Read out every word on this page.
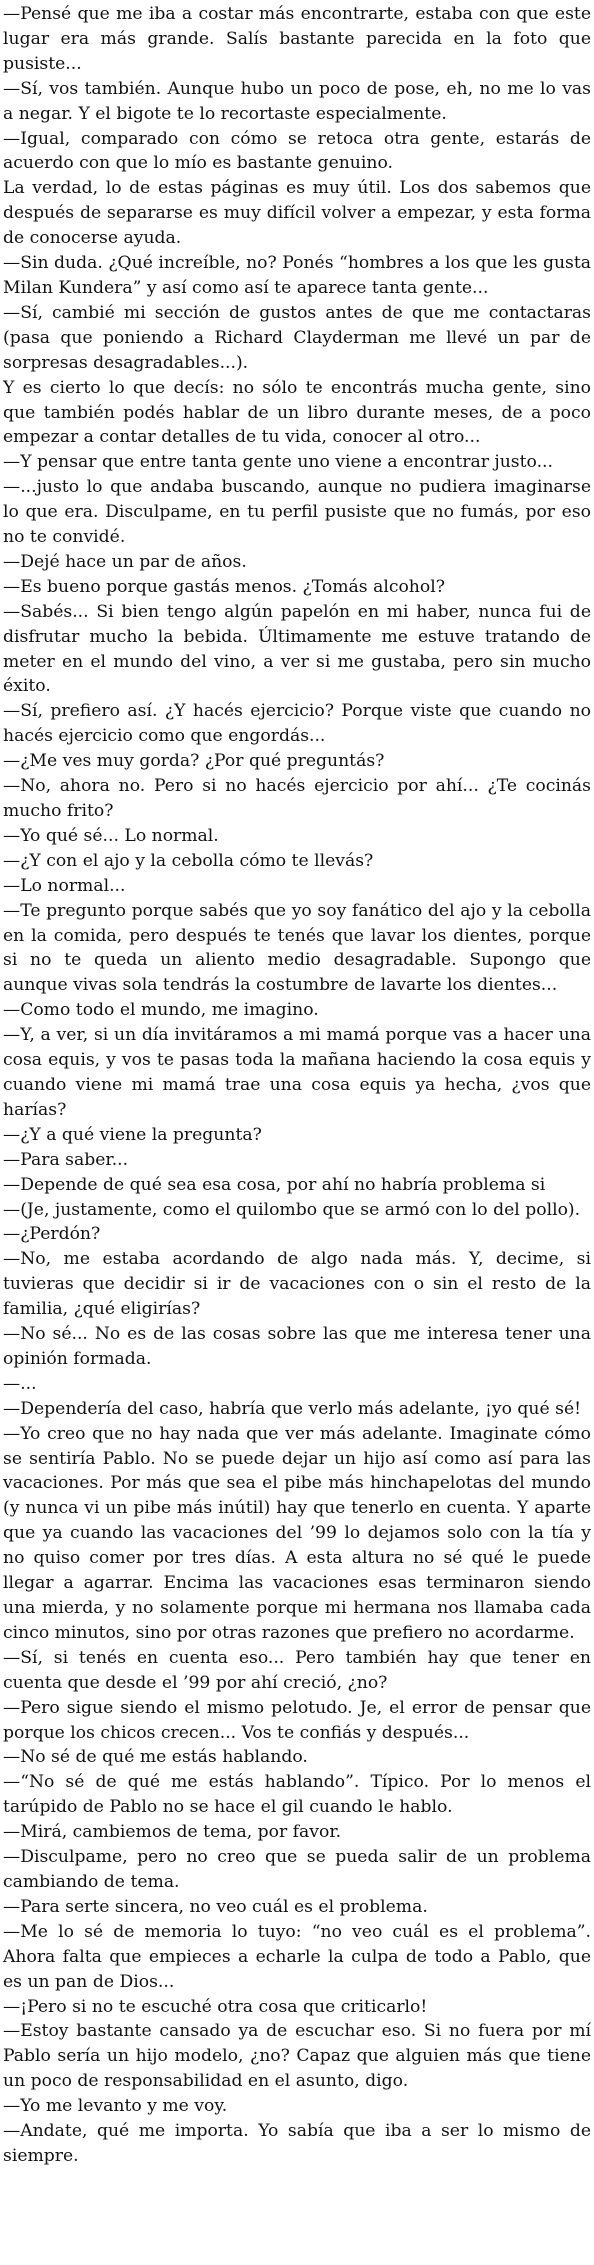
—Pensé que me iba a costar más encontrarte, estaba con que este lugar era más grande. Salís bastante parecida en la foto que pusiste...

—Sí, vos también. Aunque hubo un poco de pose, eh, no me lo vas a negar. Y el bigote te lo recortaste especialmente.

—Igual, comparado con cómo se retoca otra gente, estarás de acuerdo con que lo mío es bastante genuino.

La verdad, lo de estas páginas es muy útil. Los dos sabemos que después de separarse es muy difícil volver a empezar, y esta forma de conocerse ayuda.

—Sin duda. ¿Qué increíble, no? Ponés “hombres a los que les gusta Milan Kundera” y así como así te aparece tanta gente...

—Sí, cambié mi sección de gustos antes de que me contactaras (pasa que poniendo a Richard Clayderman me llevé un par de sorpresas desagradables...).

Y es cierto lo que decís: no sólo te encontrás mucha gente, sino que también podés hablar de un libro durante meses, de a poco empezar a contar detalles de tu vida, conocer al otro...

—Y pensar que entre tanta gente uno viene a encontrar justo...

—...justo lo que andaba buscando, aunque no pudiera imaginarse lo que era. Disculpame, en tu perfil pusiste que no fumás, por eso no te convidé.

—Dejé hace un par de años.

—Es bueno porque gastás menos. ¿Tomás alcohol?

—Sabés... Si bien tengo algún papelón en mi haber, nunca fui de disfrutar mucho la bebida. Últimamente me estuve tratando de meter en el mundo del vino, a ver si me gustaba, pero sin mucho éxito.

—Sí, prefiero así. ¿Y hacés ejercicio? Porque viste que cuando no hacés ejercicio como que engordás...

—¿Me ves muy gorda? ¿Por qué preguntás?

—No, ahora no. Pero si no hacés ejercicio por ahí... ¿Te cocinás mucho frito?

—Yo qué sé... Lo normal.

—¿Y con el ajo y la cebolla cómo te llevás?

—Lo normal...

—Te pregunto porque sabés que yo soy fanático del ajo y la cebolla en la comida, pero después te tenés que lavar los dientes, porque si no te queda un aliento medio desagradable. Supongo que aunque vivas sola tendrás la costumbre de lavartе los dientes...

—Como todo el mundo, me imagino.

—Y, a ver, si un día invitáramos a mi mamá porque vas a hacer una cosa equis, y vos te pasas toda la mañana haciendo la cosa equis y cuando viene mi mamá trae una cosa equis ya hecha, ¿vos que harías?

—¿Y a qué viene la pregunta?

—Para saber...

—Depende de qué sea esa cosa, por ahí no habría problema si

—(Je, justamente, como el quilombo que se armó con lo del pollo).

—¿Perdón?

—No, me estaba acordando de algo nada más. Y, decime, si tuvieras que decidir si ir de vacaciones con o sin el resto de la familia, ¿qué eligirías?

—No sé... No es de las cosas sobre las que me interesa tener una opinión formada.

—...

—Dependería del caso, habría que verlo más adelante, ¡yo qué sé!

—Yo creo que no hay nada que ver más adelante. Imaginate cómo se sentiría Pablo. No se puede dejar un hijo así como así para las vacaciones. Por más que sea el pibe más hinchapelotas del mundo (y nunca vi un pibe más inútil) hay que tenerlo en cuenta. Y aparte que ya cuando las vacaciones del ’99 lo dejamos solo con la tía y no quiso comer por tres días. A esta altura no sé qué le puede llegar a agarrar. Encima las vacaciones esas terminaron siendo una mierda, y no solamente porque mi hermana nos llamaba cada cinco minutos, sino por otras razones que prefiero no acordarme.

—Sí, si tenés en cuenta eso... Pero también hay que tener en cuenta que desde el ’99 por ahí creció, ¿no?

—Pero sigue siendo el mismo pelotudo. Je, el error de pensar que porque los chicos crecen... Vos te confiás y después...

—No sé de qué me estás hablando.

—“No sé de qué me estás hablando”. Típico. Por lo menos el tarúpido de Pablo no se hace el gil cuando le hablo.

—Mirá, cambiemos de tema, por favor.

—Disculpame, pero no creo que se pueda salir de un problema cambiando de tema.

—Para serte sincera, no veo cuál es el problema.

—Me lo sé de memoria lo tuyo: “no veo cuál es el problema”. Ahora falta que empieces a echarle la culpa de todo a Pablo, que es un pan de Dios...

—¡Pero si no te escuché otra cosa que criticarlo!

—Estoy bastante cansado ya de escuchar eso. Si no fuera por mí Pablo sería un hijo modelo, ¿no? Capaz que alguien más que tiene un poco de responsabilidad en el asunto, digo.

—Yo me levanto y me voy.

—Andate, qué me importa. Yo sabía que iba a ser lo mismo de siempre.
